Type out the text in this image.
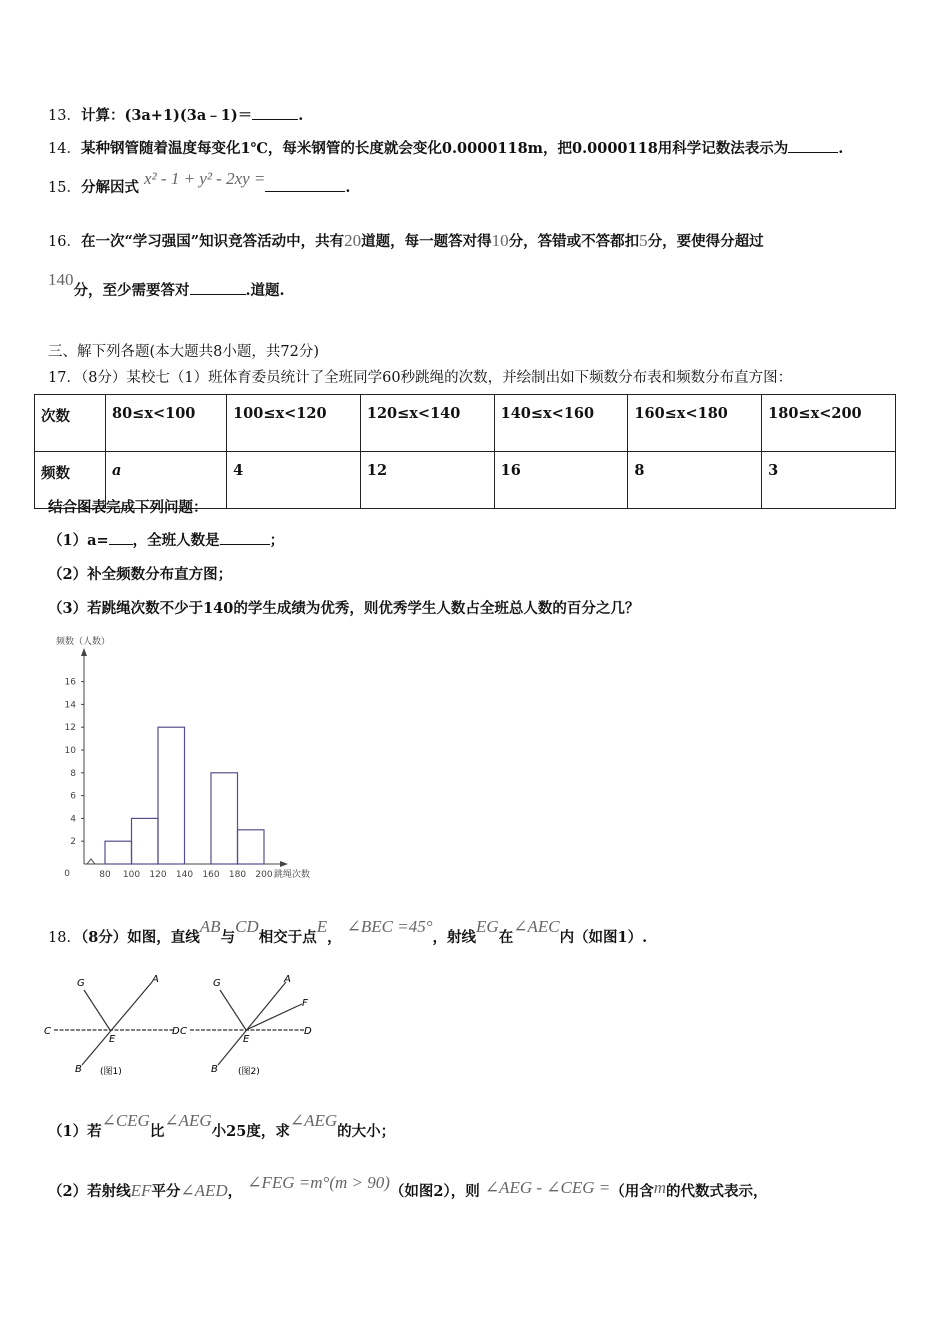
13．计算：(3a+1)(3a﹣1)＝	.
14．某种钢管随着温度每变化1℃，每米钢管的长度就会变化0.0000118m，把0.0000118用科学记数法表示为	.
15．分解因式 x² - 1 + y² - 2xy =	.
16．在一次“学习强国”知识竞答活动中，共有20道题，每一题答对得10分，答错或不答都扣5分，要使得分超过
140分，至少需要答对	.道题.
三、解下列各题(本大题共8小题，共72分)
17．（8分）某校七（1）班体育委员统计了全班同学60秒跳绳的次数，并绘制出如下频数分布表和频数分布直方图：
次数	80≤x<100	100≤x<120	120≤x<140	140≤x<160	160≤x<180	180≤x<200
频数	a	4	12	16	8	3
结合图表完成下列问题：
（1）a= ，全班人数是	；
（2）补全频数分布直方图；
（3）若跳绳次数不少于140的学生成绩为优秀，则优秀学生人数占全班总人数的百分之几？
频数（人数）
2
4
6
8
10
12
14
16
0	80 100 120 140 160 180 200 跳绳次数
18．（8分）如图，直线AB与CD相交于点E， ∠BEC =45°，射线EG在∠AEC内（如图1）.
G	A
C	D
E
B (图1)
G	A
F
C	D
E
B (图2)
（1）若∠CEG比∠AEG小25度，求∠AEG的大小；
（2）若射线EF平分∠AED， ∠FEG =m°(m > 90)（如图2），则 ∠AEG - ∠CEG =（用含m的代数式表示，
